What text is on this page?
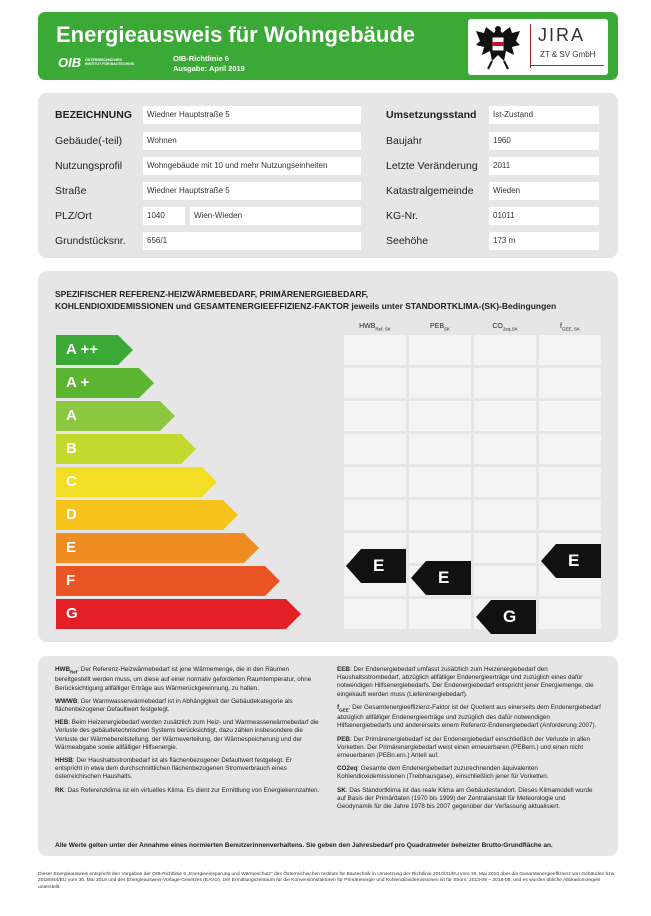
Energieausweis für Wohngebäude
OIB ÖSTERREICHISCHES
INSTITUT FÜR BAUTECHNIK
OIB-Richtlinie 6
Ausgabe: April 2019
JIRA
ZT & SV GmbH
BEZEICHNUNG	Wiedner Hauptstraße 5
Gebäude(-teil)	Wohnen
Nutzungsprofil	Wohngebäude mit 10 und mehr Nutzungseinheiten
Straße	Wiedner Hauptstraße 5
PLZ/Ort	1040	Wien-Wieden
Grundstücksnr.	656/1
Umsetzungsstand	Ist-Zustand
Baujahr	1960
Letzte Veränderung	2011
Katastralgemeinde	Wieden
KG-Nr.	01011
Seehöhe	173 m
SPEZIFISCHER REFERENZ-HEIZWÄRMEBEDARF, PRIMÄRENERGIEBEDARF,
KOHLENDIOXIDEMISSIONEN und GESAMTENERGIEEFFIZIENZ-FAKTOR jeweils unter STANDORTKLIMA-(SK)-Bedingungen
A ++
A +
A
B
C
D
E
F
G
$HWB_{Ref, SK}$	$PEB_{SK}$	$CO_{2eq,SK}$	$f_{GEE, SK}$
E
E
G
E

$HWB_{Ref}$: Der Referenz-Heizwärmebedarf ist jene Wärmemenge, die in den Räumen bereitgestellt werden muss, um diese auf einer normativ geforderten Raumtemperatur, ohne Berücksichtigung allfälliger Erträge aus Wärmerückgewinnung, zu halten.

WWWB: Der Warmwasserwärmebedarf ist in Abhängigkeit der Gebäudekategorie als flächenbezogener Defaultwert festgelegt.

HEB: Beim Heizenergiebedarf werden zusätzlich zum Heiz- und Warmwasserwärmebedarf die Verluste des gebäudetechnischen Systems berücksichtigt, dazu zählen insbesondere die Verluste der Wärmebereitstellung, der Wärmeverteilung, der Wärmespeicherung und der Wärmeabgabe sowie allfälliger Hilfsenergie.

HHSB: Der Haushaltsstrombedarf ist als flächenbezogener Defaultwert festgelegt. Er entspricht in etwa dem durchschnittlichen flächenbezogenen Stromverbrauch eines österreichischen Haushalts.

RK: Das Referenzklima ist ein virtuelles Klima. Es dient zur Ermittlung von Energiekennzahlen.

EEB: Der Endenergiebedarf umfasst zusätzlich zum Heizenergiebedarf den Haushaltsstrombedarf, abzüglich allfälliger Endenergieerträge und zuzüglich eines dafür notwendigen Hilfsenergiebedarfs. Der Endenergiebedarf entspricht jener Energiemenge, die eingekauft werden muss (Lieferenergiebedarf).

$f_{GEE}$: Der Gesamtenergieeffizienz-Faktor ist der Quotient aus einerseits dem Endenergiebedarf abzüglich allfälliger Endenergieerträge und zuzüglich des dafür notwendigen Hilfsenergiebedarfs und andererseits einem Referenz-Endenergiebedarf (Anforderung 2007).

PEB: Der Primärenergiebedarf ist der Endenergiebedarf einschließlich der Verluste in allen Vorketten. Der Primärenergiebedarf weist einen erneuerbaren (PEBern.) und einen nicht erneuerbaren (PEBn.ern.) Anteil auf.

CO2eq: Gesamte dem Endenergiebedarf zuzurechnenden äquivalenten Kohlendioxidemissionen (Treibhausgase), einschließlich jener für Vorketten.

SK: Das Standortklima ist das reale Klima am Gebäudestandort. Dieses Klimamodell wurde auf Basis der Primärdaten (1970 bis 1999) der Zentralanstalt für Meteorologie und Geodynamik für die Jahre 1978 bis 2007 gegenüber der Verfassung aktualisiert.

Alle Werte gelten unter der Annahme eines normierten Benutzerinnenverhaltens. Sie geben den Jahresbedarf pro Quadratmeter beheizter Brutto-Grundfläche an.
Dieser Energieausweis entspricht den Vorgaben der OIB-Richtlinie 6 „Energieeinsparung und Wärmeschutz“ des Österreichischen Instituts für Bautechnik in Umsetzung der Richtlinie 2010/31/EU vom 19. Mai 2010 über die Gesamtenergieeffizienz von Gebäuden bzw. 2018/844/EU vom 30. Mai 2018 und des Energieausweis-Vorlage-Gesetzes (EAVG). Der Ermittlungszeitraum für die Konversionsfaktoren für Primärenergie und Kohlendioxidemissionen ist für Strom: 2013-09 – 2018-08, und es wurden übliche Allokationsregeln unterstellt.
